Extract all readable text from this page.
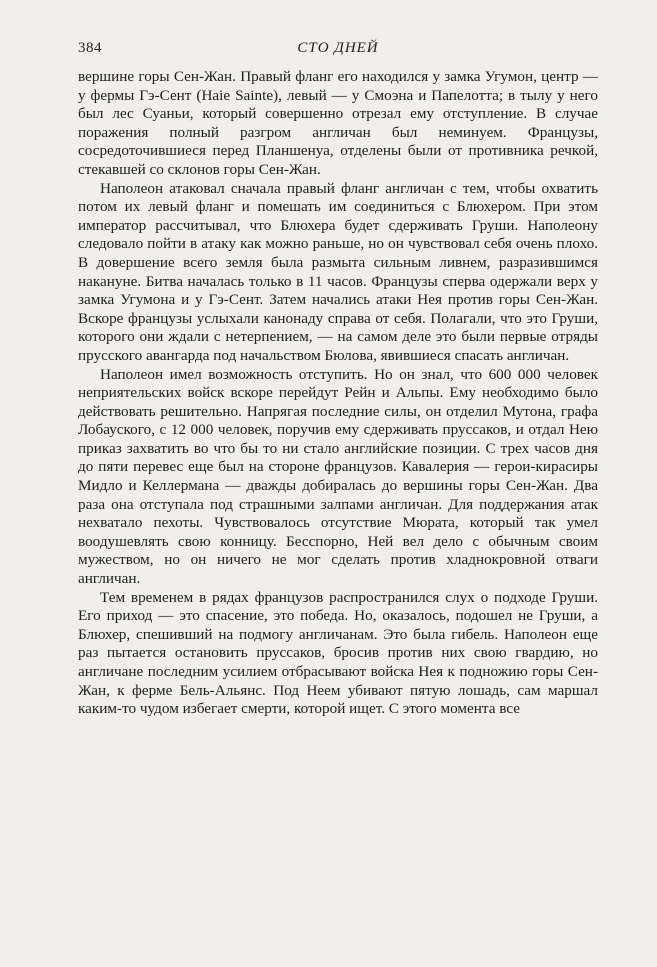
384	СТО ДНЕЙ

вершине горы Сен-Жан. Правый фланг его находился у замка Угумон, центр — у фермы Гэ-Сент (Haie Sainte), левый — у Смоэна и Папелотта; в тылу у него был лес Суаньи, который совершенно отрезал ему отступление. В случае поражения полный разгром англичан был неминуем. Французы, сосредоточившиеся перед Планшенуа, отделены были от противника речкой, стекавшей со склонов горы Сен-Жан.

Наполеон атаковал сначала правый фланг англичан с тем, чтобы охватить потом их левый фланг и помешать им соединиться с Блюхером. При этом император рассчитывал, что Блюхера будет сдерживать Груши. Наполеону следовало пойти в атаку как можно раньше, но он чувствовал себя очень плохо. В довершение всего земля была размыта сильным ливнем, разразившимся накануне. Битва началась только в 11 часов. Французы сперва одержали верх у замка Угумона и у Гэ-Сент. Затем начались атаки Нея против горы Сен-Жан. Вскоре французы услыхали канонаду справа от себя. Полагали, что это Груши, которого они ждали с нетерпением, — на самом деле это были первые отряды прусского авангарда под начальством Бюлова, явившиеся спасать англичан.

Наполеон имел возможность отступить. Но он знал, что 600 000 человек неприятельских войск вскоре перейдут Рейн и Альпы. Ему необходимо было действовать решительно. Напрягая последние силы, он отделил Мутона, графа Лобауского, с 12 000 человек, поручив ему сдерживать пруссаков, и отдал Нею приказ захватить во что бы то ни стало английские позиции. С трех часов дня до пяти перевес еще был на стороне французов. Кавалерия — герои-кирасиры Мидло и Келлермана — дважды добиралась до вершины горы Сен-Жан. Два раза она отступала под страшными залпами англичан. Для поддержания атак нехватало пехоты. Чувствовалось отсутствие Мюрата, который так умел воодушевлять свою конницу. Бесспорно, Ней вел дело с обычным своим мужеством, но он ничего не мог сделать против хладнокровной отваги англичан.

Тем временем в рядах французов распространился слух о подходе Груши. Его приход — это спасение, это победа. Но, оказалось, подошел не Груши, а Блюхер, спешивший на подмогу англичанам. Это была гибель. Наполеон еще раз пытается остановить пруссаков, бросив против них свою гвардию, но англичане последним усилием отбрасывают войска Нея к подножию горы Сен-Жан, к ферме Бель-Альянс. Под Неем убивают пятую лошадь, сам маршал каким-то чудом избегает смерти, которой ищет. С этого момента все
